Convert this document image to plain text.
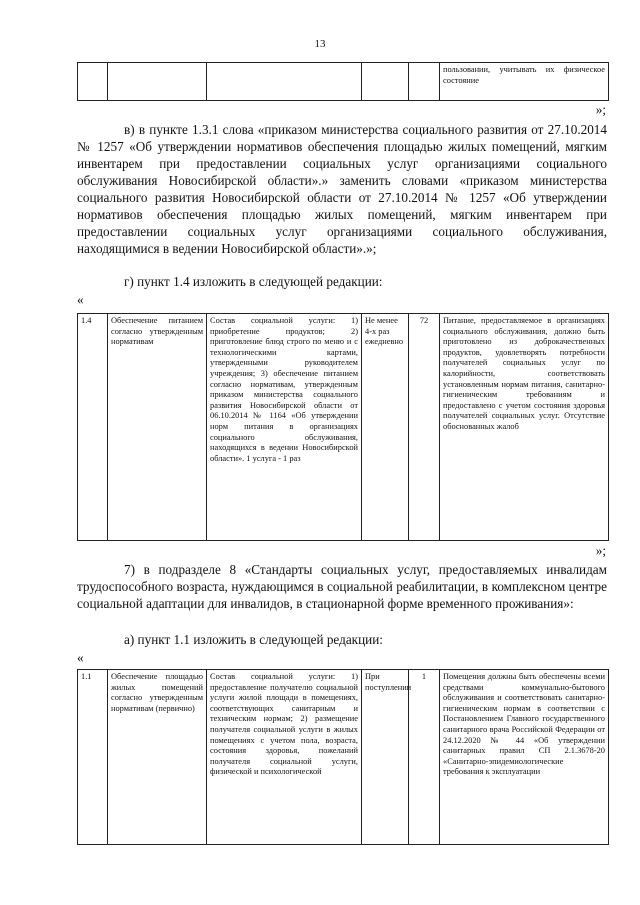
13
					пользовании, учитывать их физическое состояние
»;
в) в пункте 1.3.1 слова «приказом министерства социального развития от 27.10.2014 № 1257 «Об утверждении нормативов обеспечения площадью жилых помещений, мягким инвентарем при предоставлении социальных услуг организациями социального обслуживания Новосибирской области».» заменить словами «приказом министерства социального развития Новосибирской области от 27.10.2014 № 1257 «Об утверждении нормативов обеспечения площадью жилых помещений, мягким инвентарем при предоставлении социальных услуг организациями социального обслуживания, находящимися в ведении Новосибирской области».»;
г) пункт 1.4 изложить в следующей редакции:
«
1.4	Обеспечение питанием согласно утвержденным нормативам	Состав социальной услуги: 1) приобретение продуктов; 2) приготовление блюд строго по меню и с технологическими картами, утвержденными руководителем учреждения; 3) обеспечение питанием согласно нормативам, утвержденным приказом министерства социального развития Новосибирской области от 06.10.2014 № 1164 «Об утверждении норм питания в организациях социального обслуживания, находящихся в ведении Новосибирской области». 1 услуга - 1 раз	Не менее 4-х раз ежедневно	72	Питание, предоставляемое в организациях социального обслуживания, должно быть приготовлено из доброкачественных продуктов, удовлетворять потребности получателей социальных услуг по калорийности, соответствовать установленным нормам питания, санитарно-гигиеническим требованиям и предоставлено с учетом состояния здоровья получателей социальных услуг. Отсутствие обоснованных жалоб
»;
7) в подразделе 8 «Стандарты социальных услуг, предоставляемых инвалидам трудоспособного возраста, нуждающимся в социальной реабилитации, в комплексном центре социальной адаптации для инвалидов, в стационарной форме временного проживания»:
а) пункт 1.1 изложить в следующей редакции:
«
1.1	Обеспечение площадью жилых помещений согласно утвержденным нормативам (первично)	Состав социальной услуги: 1) предоставление получателю социальной услуги жилой площади в помещениях, соответствующих санитарным и техническим нормам; 2) размещение получателя социальной услуги в жилых помещениях с учетом пола, возраста, состояния здоровья, пожеланий получателя социальной услуги, физической и психологической	При поступлении	1	Помещения должны быть обеспечены всеми средствами коммунально-бытового обслуживания и соответствовать санитарно-гигиеническим нормам в соответствии с Постановлением Главного государственного санитарного врача Российской Федерации от 24.12.2020 № 44 «Об утверждении санитарных правил СП 2.1.3678-20 «Санитарно-эпидемиологические требования к эксплуатации
